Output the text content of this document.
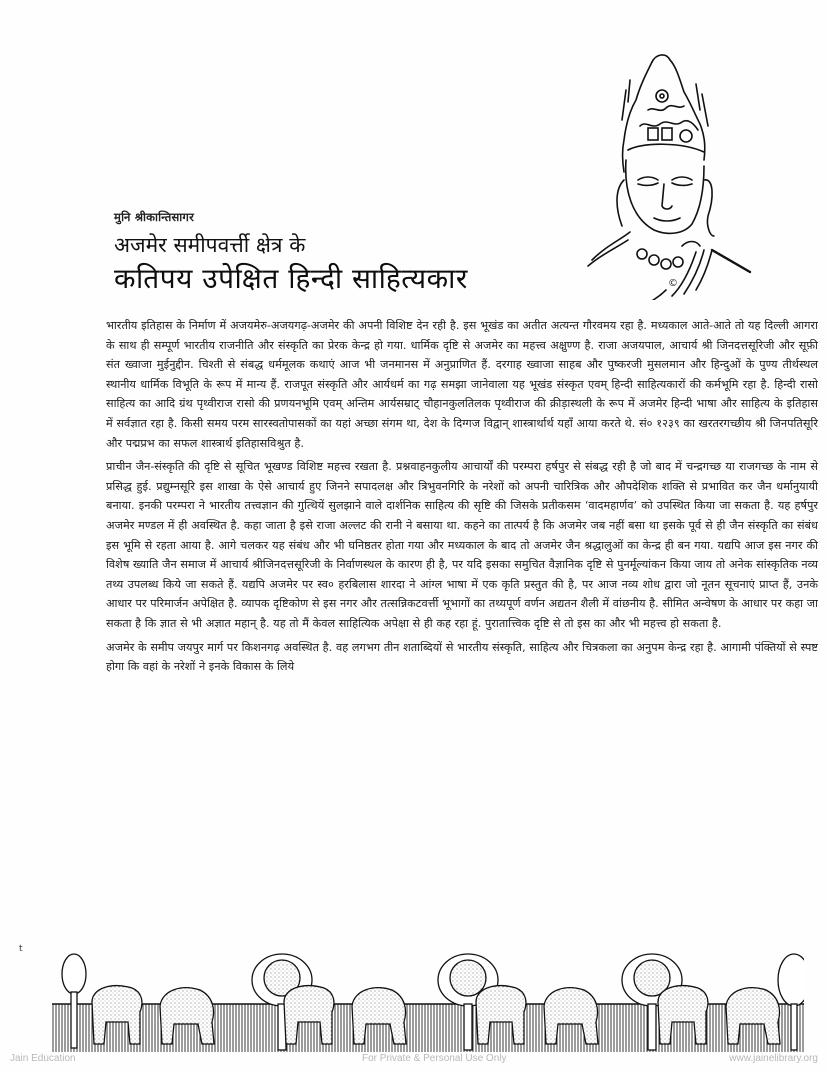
©
मुनि श्रीकान्तिसागर
अजमेर समीपवर्त्ती क्षेत्र के
कतिपय उपेक्षित हिन्दी साहित्यकार

भारतीय इतिहास के निर्माण में अजयमेरु-अजयगढ़-अजमेर की अपनी विशिष्ट देन रही है. इस भूखंड का अतीत अत्यन्त गौरवमय रहा है. मध्यकाल आते-आते तो यह दिल्ली आगरा के साथ ही सम्पूर्ण भारतीय राजनीति और संस्कृति का प्रेरक केन्द्र हो गया. धार्मिक दृष्टि से अजमेर का महत्त्व अक्षुण्ण है. राजा अजयपाल, आचार्य श्री जिनदत्तसूरिजी और सूफ़ी संत ख्वाजा मुईनुद्दीन. चिश्ती से संबद्ध धर्ममूलक कथाएं आज भी जनमानस में अनुप्राणित हैं. दरगाह ख्वाजा साहब और पुष्करजी मुसलमान और हिन्दुओं के पुण्य तीर्थस्थल स्थानीय धार्मिक विभूति के रूप में मान्य हैं. राजपूत संस्कृति और आर्यधर्म का गढ़ समझा जानेवाला यह भूखंड संस्कृत एवम् हिन्दी साहित्यकारों की कर्मभूमि रहा है. हिन्दी रासो साहित्य का आदि ग्रंथ पृथ्वीराज रासो की प्रणयनभूमि एवम् अन्तिम आर्यसम्राट् चौहानकुलतिलक पृथ्वीराज की क्रीड़ास्थली के रूप में अजमेर हिन्दी भाषा और साहित्य के इतिहास में सर्वज्ञात रहा है. किसी समय परम सारस्वतोपासकों का यहां अच्छा संगम था, देश के दिग्गज विद्वान् शास्त्रार्थार्थ यहाँ आया करते थे. सं० १२३९ का खरतरगच्छीय श्री जिनपतिसूरि और पद्मप्रभ का सफल शास्त्रार्थ इतिहासविश्रुत है.

प्राचीन जैन-संस्कृति की दृष्टि से सूचित भूखण्ड विशिष्ट महत्त्व रखता है. प्रश्नवाहनकुलीय आचार्यों की परम्परा हर्षपुर से संबद्ध रही है जो बाद में चन्द्रगच्छ या राजगच्छ के नाम से प्रसिद्ध हुई. प्रद्युम्नसूरि इस शाखा के ऐसे आचार्य हुए जिनने सपादलक्ष और त्रिभुवनगिरि के नरेशों को अपनी चारित्रिक और औपदेशिक शक्ति से प्रभावित कर जैन धर्मानुयायी बनाया. इनकी परम्परा ने भारतीय तत्त्वज्ञान की गुत्थियें सुलझाने वाले दार्शनिक साहित्य की सृष्टि की जिसके प्रतीकसम ‘वादमहार्णव’ को उपस्थित किया जा सकता है. यह हर्षपुर अजमेर मण्डल में ही अवस्थित है. कहा जाता है इसे राजा अल्लट की रानी ने बसाया था. कहने का तात्पर्य है कि अजमेर जब नहीं बसा था इसके पूर्व से ही जैन संस्कृति का संबंध इस भूमि से रहता आया है. आगे चलकर यह संबंध और भी घनिष्ठतर होता गया और मध्यकाल के बाद तो अजमेर जैन श्रद्धालुओं का केन्द्र ही बन गया. यद्यपि आज इस नगर की विशेष ख्याति जैन समाज में आचार्य श्रीजिनदत्तसूरिजी के निर्वाणस्थल के कारण ही है, पर यदि इसका समुचित वैज्ञानिक दृष्टि से पुनर्मूल्यांकन किया जाय तो अनेक सांस्कृतिक नव्य तथ्य उपलब्ध किये जा सकते हैं. यद्यपि अजमेर पर स्व० हरबिलास शारदा ने आंग्ल भाषा में एक कृति प्रस्तुत की है, पर आज नव्य शोध द्वारा जो नूतन सूचनाएं प्राप्त हैं, उनके आधार पर परिमार्जन अपेक्षित है. व्यापक दृष्टिकोण से इस नगर और तत्सन्निकटवर्त्ती भूभागों का तथ्यपूर्ण वर्णन अद्यतन शैली में वांछनीय है. सीमित अन्वेषण के आधार पर कहा जा सकता है कि ज्ञात से भी अज्ञात महान् है. यह तो मैं केवल साहित्यिक अपेक्षा से ही कह रहा हूं. पुरातात्त्विक दृष्टि से तो इस का और भी महत्त्व हो सकता है.

अजमेर के समीप जयपुर मार्ग पर किशनगढ़ अवस्थित है. वह लगभग तीन शताब्दियों से भारतीय संस्कृति, साहित्य और चित्रकला का अनुपम केन्द्र रहा है. आगामी पंक्तियों से स्पष्ट होगा कि वहां के नरेशों ने इनके विकास के लिये

t
Jain Education	For Private & Personal Use Only	www.jainelibrary.org
